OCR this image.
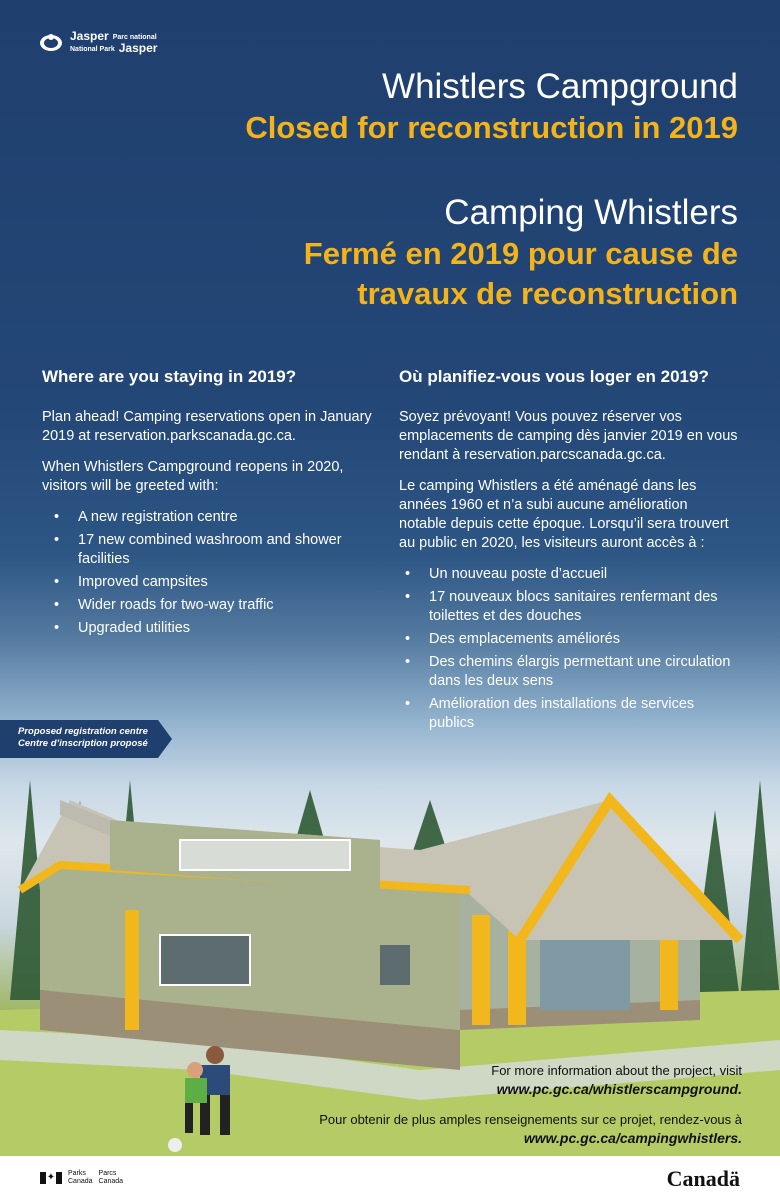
Jasper Parc national
National Park Jasper
Whistlers Campground
Closed for reconstruction in 2019
Camping Whistlers
Fermé en 2019 pour cause de
travaux de reconstruction
Where are you staying in 2019?

Plan ahead! Camping reservations open in January 2019 at reservation.parkscanada.gc.ca.

When Whistlers Campground reopens in 2020, visitors will be greeted with:

• A new registration centre
• 17 new combined washroom and shower facilities
• Improved campsites
• Wider roads for two-way traffic
• Upgraded utilities
Où planifiez-vous vous loger en 2019?

Soyez prévoyant! Vous pouvez réserver vos emplacements de camping dès janvier 2019 en vous rendant à reservation.parcscanada.gc.ca.

Le camping Whistlers a été aménagé dans les années 1960 et n’a subi aucune amélioration notable depuis cette époque. Lorsqu’il sera trouvert au public en 2020, les visiteurs auront accès à :

• Un nouveau poste d’accueil
• 17 nouveaux blocs sanitaires renfermant des toilettes et des douches
• Des emplacements améliorés
• Des chemins élargis permettant une circulation dans les deux sens
• Amélioration des installations de services publics
Proposed registration centre
Centre d’inscription proposé

For more information about the project, visit
www.pc.gc.ca/whistlerscampground.

Pour obtenir de plus amples renseignements sur ce projet, rendez-vous à
www.pc.gc.ca/campingwhistlers.

✦ Parks
Canada
Parcs
Canada	Canadä
